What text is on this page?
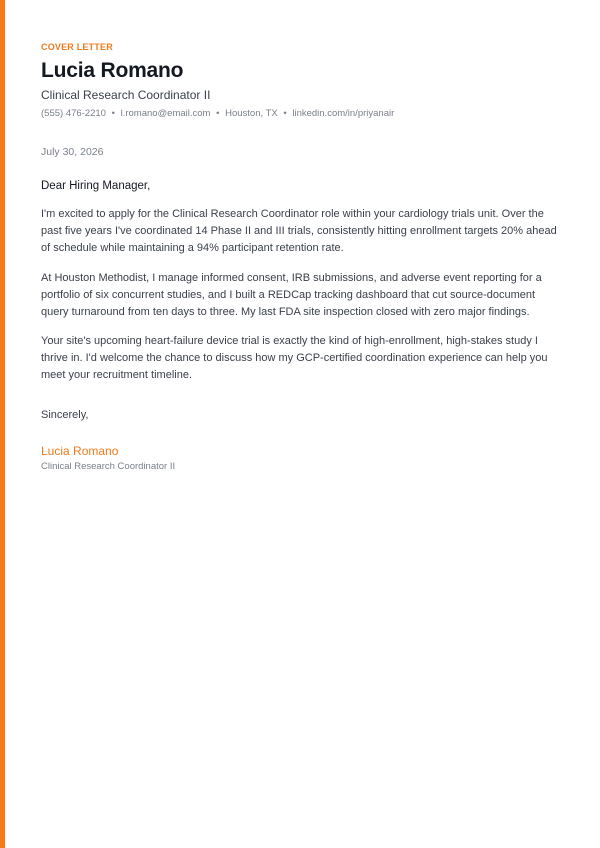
COVER LETTER
Lucia Romano
Clinical Research Coordinator II
(555) 476-2210 • l.romano@email.com • Houston, TX • linkedin.com/in/priyanair
July 30, 2026
Dear Hiring Manager,
I'm excited to apply for the Clinical Research Coordinator role within your cardiology trials unit. Over the past five years I've coordinated 14 Phase II and III trials, consistently hitting enrollment targets 20% ahead of schedule while maintaining a 94% participant retention rate.
At Houston Methodist, I manage informed consent, IRB submissions, and adverse event reporting for a portfolio of six concurrent studies, and I built a REDCap tracking dashboard that cut source-document query turnaround from ten days to three. My last FDA site inspection closed with zero major findings.
Your site's upcoming heart-failure device trial is exactly the kind of high-enrollment, high-stakes study I thrive in. I'd welcome the chance to discuss how my GCP-certified coordination experience can help you meet your recruitment timeline.
Sincerely,
Lucia Romano
Clinical Research Coordinator II
